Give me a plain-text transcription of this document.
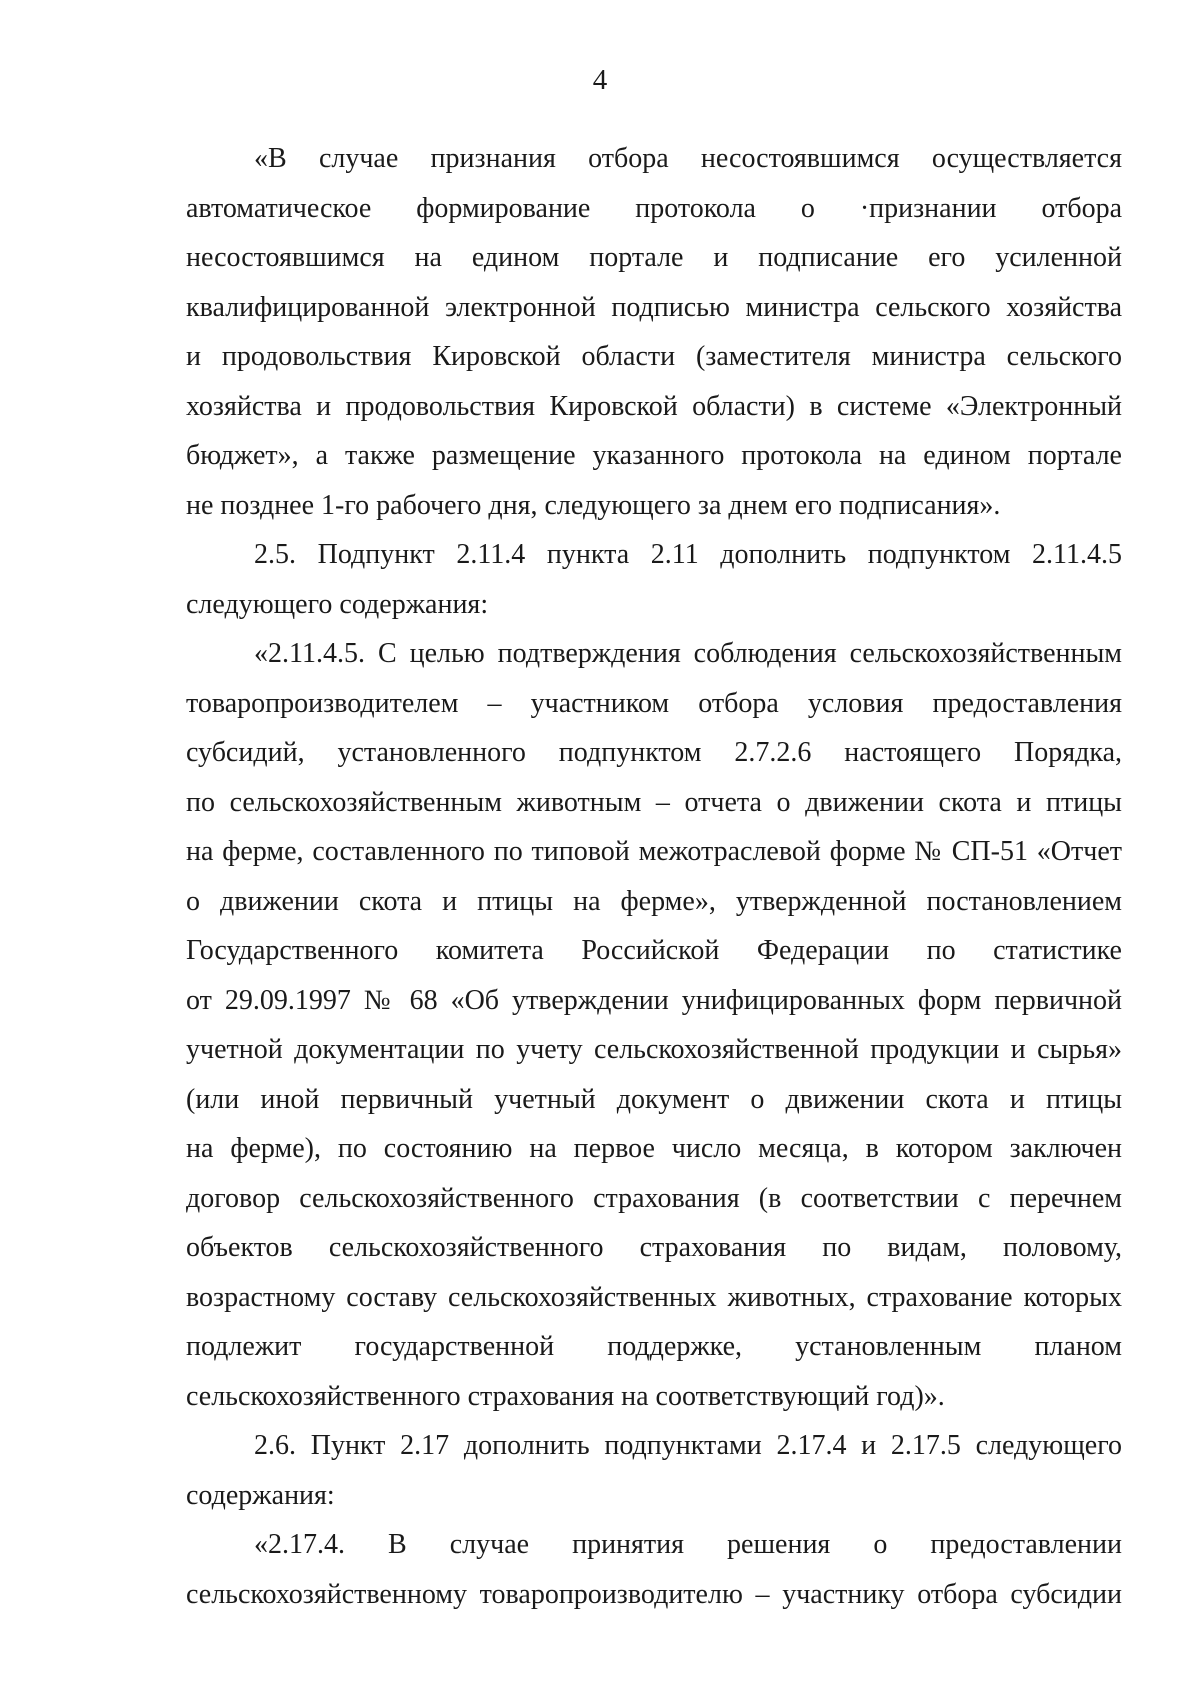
4
«В случае признания отбора несостоявшимся осуществляется
автоматическое формирование протокола о ·признании отбора
несостоявшимся на едином портале и подписание его усиленной
квалифицированной электронной подписью министра сельского хозяйства
и продовольствия Кировской области (заместителя министра сельского
хозяйства и продовольствия Кировской области) в системе «Электронный
бюджет», а также размещение указанного протокола на едином портале
не позднее 1-го рабочего дня, следующего за днем его подписания».
2.5. Подпункт 2.11.4 пункта 2.11 дополнить подпунктом 2.11.4.5
следующего содержания:
«2.11.4.5. С целью подтверждения соблюдения сельскохозяйственным
товаропроизводителем – участником отбора условия предоставления
субсидий, установленного подпунктом 2.7.2.6 настоящего Порядка,
по сельскохозяйственным животным – отчета о движении скота и птицы
на ферме, составленного по типовой межотраслевой форме № СП-51 «Отчет
о движении скота и птицы на ферме», утвержденной постановлением
Государственного комитета Российской Федерации по статистике
от 29.09.1997 № 68 «Об утверждении унифицированных форм первичной
учетной документации по учету сельскохозяйственной продукции и сырья»
(или иной первичный учетный документ о движении скота и птицы
на ферме), по состоянию на первое число месяца, в котором заключен
договор сельскохозяйственного страхования (в соответствии с перечнем
объектов сельскохозяйственного страхования по видам, половому,
возрастному составу сельскохозяйственных животных, страхование которых
подлежит государственной поддержке, установленным планом
сельскохозяйственного страхования на соответствующий год)».
2.6. Пункт 2.17 дополнить подпунктами 2.17.4 и 2.17.5 следующего
содержания:
«2.17.4. В случае принятия решения о предоставлении
сельскохозяйственному товаропроизводителю – участнику отбора субсидии
